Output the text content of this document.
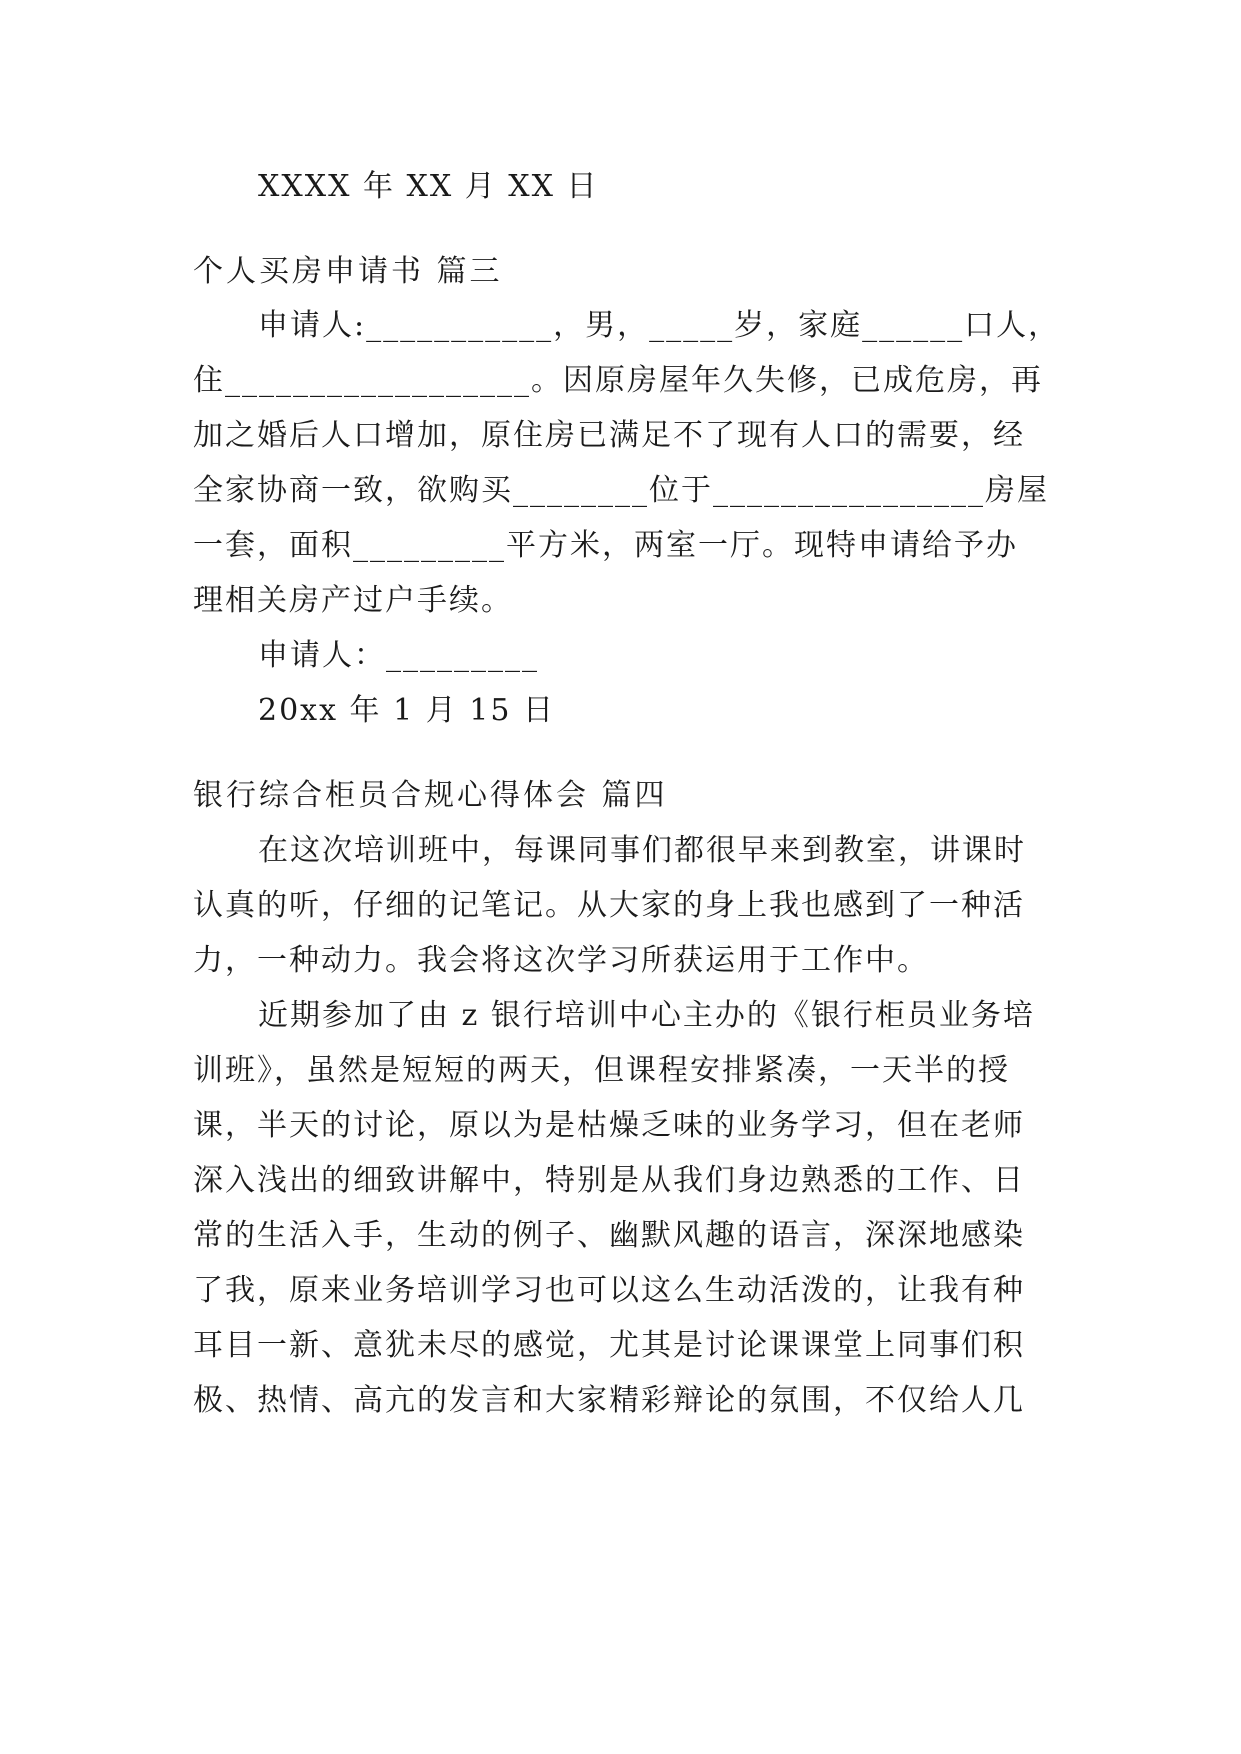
XXXX 年 XX 月 XX 日
个人买房申请书 篇三
申请人:___________，男，_____岁，家庭______口人，
住__________________。因原房屋年久失修，已成危房，再
加之婚后人口增加，原住房已满足不了现有人口的需要，经
全家协商一致，欲购买________位于________________房屋
一套，面积_________平方米，两室一厅。现特申请给予办
理相关房产过户手续。
申请人：_________
20xx 年 1 月 15 日
银行综合柜员合规心得体会 篇四
在这次培训班中，每课同事们都很早来到教室，讲课时
认真的听，仔细的记笔记。从大家的身上我也感到了一种活
力，一种动力。我会将这次学习所获运用于工作中。
近期参加了由 z 银行培训中心主办的《银行柜员业务培
训班》，虽然是短短的两天，但课程安排紧凑，一天半的授
课，半天的讨论，原以为是枯燥乏味的业务学习，但在老师
深入浅出的细致讲解中，特别是从我们身边熟悉的工作、日
常的生活入手，生动的例子、幽默风趣的语言，深深地感染
了我，原来业务培训学习也可以这么生动活泼的，让我有种
耳目一新、意犹未尽的感觉，尤其是讨论课课堂上同事们积
极、热情、高亢的发言和大家精彩辩论的氛围，不仅给人几
